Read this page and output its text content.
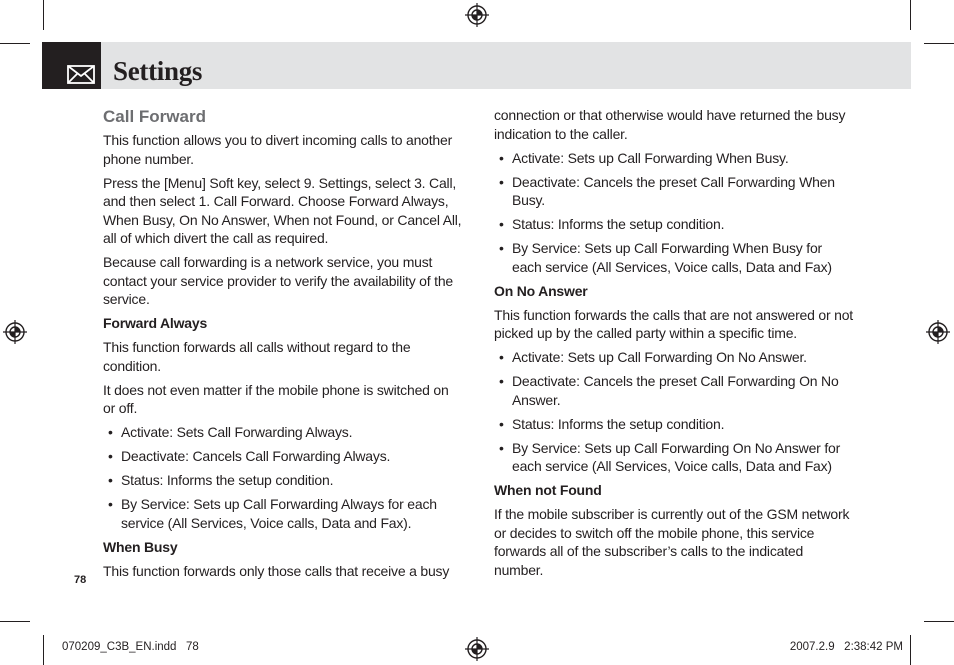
Settings
Call Forward

This function allows you to divert incoming calls to another phone number.

Press the [Menu] Soft key, select 9. Settings, select 3. Call, and then select 1. Call Forward. Choose Forward Always, When Busy, On No Answer, When not Found, or Cancel All, all of which divert the call as required.

Because call forwarding is a network service, you must contact your service provider to verify the availability of the service.

Forward Always

This function forwards all calls without regard to the condition.

It does not even matter if the mobile phone is switched on or off.

• Activate: Sets Call Forwarding Always.
• Deactivate: Cancels Call Forwarding Always.
• Status: Informs the setup condition.
• By Service: Sets up Call Forwarding Always for each service (All Services, Voice calls, Data and Fax).
When Busy

This function forwards only those calls that receive a busy

connection or that otherwise would have returned the busy indication to the caller.

• Activate: Sets up Call Forwarding When Busy.
• Deactivate: Cancels the preset Call Forwarding When Busy.
• Status: Informs the setup condition.
• By Service: Sets up Call Forwarding When Busy for each service (All Services, Voice calls, Data and Fax)
On No Answer

This function forwards the calls that are not answered or not picked up by the called party within a specific time.

• Activate: Sets up Call Forwarding On No Answer.
• Deactivate: Cancels the preset Call Forwarding On No Answer.
• Status: Informs the setup condition.
• By Service: Sets up Call Forwarding On No Answer for each service (All Services, Voice calls, Data and Fax)
When not Found

If the mobile subscriber is currently out of the GSM network or decides to switch off the mobile phone, this service forwards all of the subscriber’s calls to the indicated number.

78
070209_C3B_EN.indd   78	2007.2.9   2:38:42 PM
